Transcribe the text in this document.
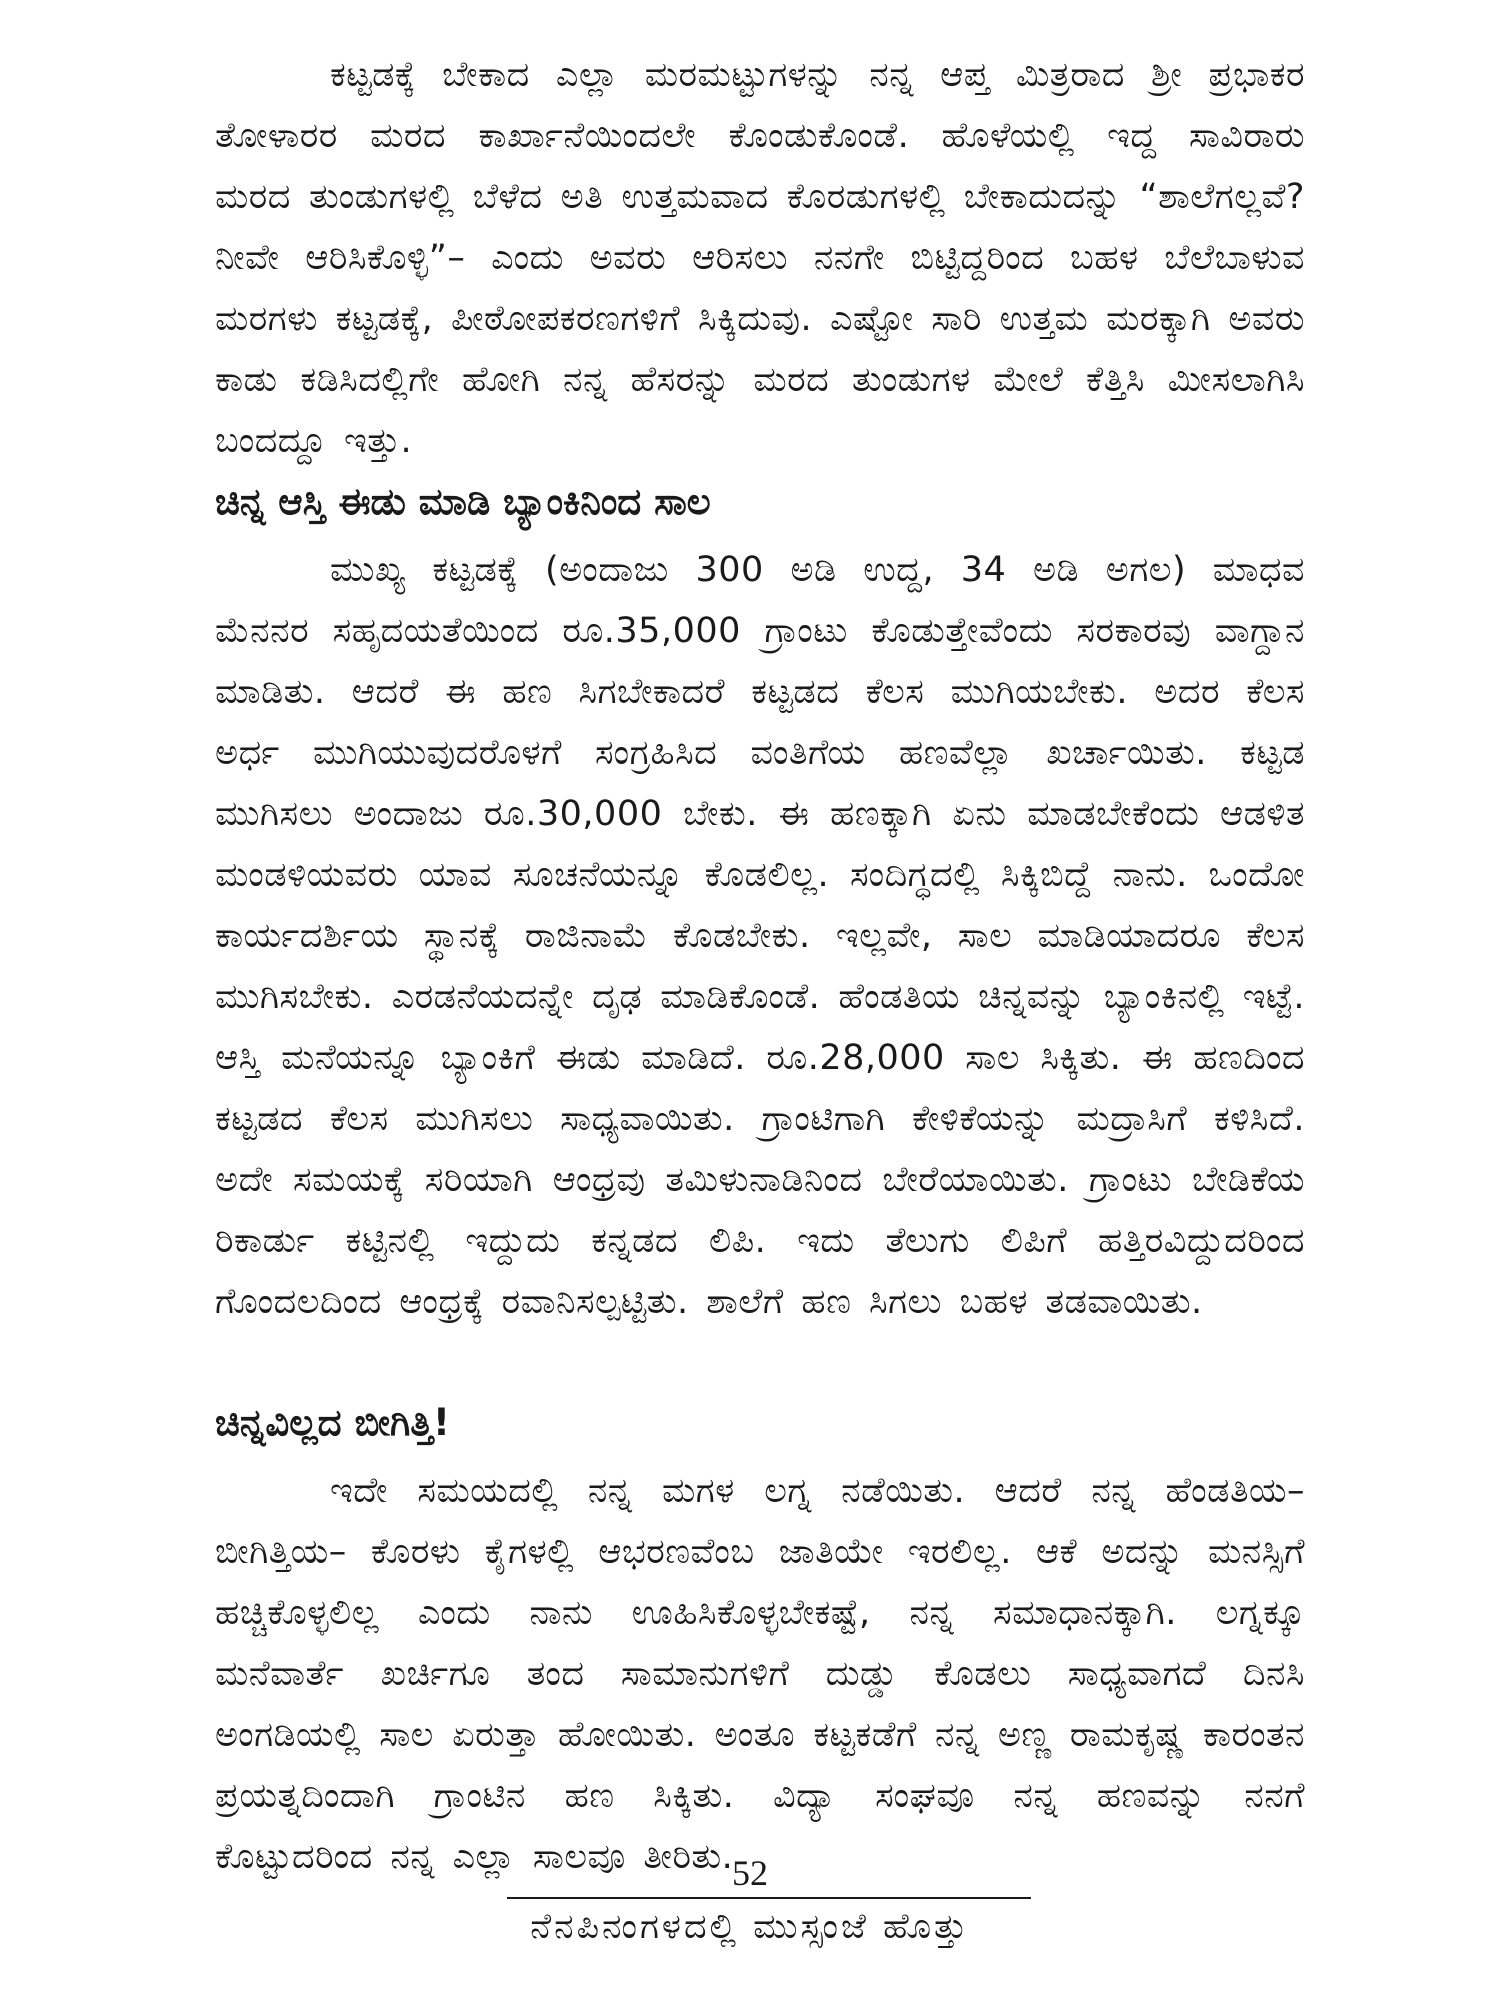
ಕಟ್ಟಡಕ್ಕೆ ಬೇಕಾದ ಎಲ್ಲಾ ಮರಮಟ್ಟುಗಳನ್ನು ನನ್ನ ಆಪ್ತ ಮಿತ್ರರಾದ ಶ್ರೀ ಪ್ರಭಾಕರ ತೋಳಾರರ ಮರದ ಕಾರ್ಖಾನೆಯಿಂದಲೇ ಕೊಂಡುಕೊಂಡೆ. ಹೊಳೆಯಲ್ಲಿ ಇದ್ದ ಸಾವಿರಾರು ಮರದ ತುಂಡುಗಳಲ್ಲಿ ಬೆಳೆದ ಅತಿ ಉತ್ತಮವಾದ ಕೊರಡುಗಳಲ್ಲಿ ಬೇಕಾದುದನ್ನು “ಶಾಲೆಗಲ್ಲವೆ? ನೀವೇ ಆರಿಸಿಕೊಳ್ಳಿ”– ಎಂದು ಅವರು ಆರಿಸಲು ನನಗೇ ಬಿಟ್ಟಿದ್ದರಿಂದ ಬಹಳ ಬೆಲೆಬಾಳುವ ಮರಗಳು ಕಟ್ಟಡಕ್ಕೆ, ಪೀಠೋಪಕರಣಗಳಿಗೆ ಸಿಕ್ಕಿದುವು. ಎಷ್ಟೋ ಸಾರಿ ಉತ್ತಮ ಮರಕ್ಕಾಗಿ ಅವರು ಕಾಡು ಕಡಿಸಿದಲ್ಲಿಗೇ ಹೋಗಿ ನನ್ನ ಹೆಸರನ್ನು ಮರದ ತುಂಡುಗಳ ಮೇಲೆ ಕೆತ್ತಿಸಿ ಮೀಸಲಾಗಿಸಿ ಬಂದದ್ದೂ ಇತ್ತು.

ಚಿನ್ನ ಆಸ್ತಿ ಈಡು ಮಾಡಿ ಬ್ಯಾಂಕಿನಿಂದ ಸಾಲ

ಮುಖ್ಯ ಕಟ್ಟಡಕ್ಕೆ (ಅಂದಾಜು 300 ಅಡಿ ಉದ್ದ, 34 ಅಡಿ ಅಗಲ) ಮಾಧವ ಮೆನನರ ಸಹೃದಯತೆಯಿಂದ ರೂ.35,000 ಗ್ರಾಂಟು ಕೊಡುತ್ತೇವೆಂದು ಸರಕಾರವು ವಾಗ್ದಾನ ಮಾಡಿತು. ಆದರೆ ಈ ಹಣ ಸಿಗಬೇಕಾದರೆ ಕಟ್ಟಡದ ಕೆಲಸ ಮುಗಿಯಬೇಕು. ಅದರ ಕೆಲಸ ಅರ್ಧ ಮುಗಿಯುವುದರೊಳಗೆ ಸಂಗ್ರಹಿಸಿದ ವಂತಿಗೆಯ ಹಣವೆಲ್ಲಾ ಖರ್ಚಾಯಿತು. ಕಟ್ಟಡ ಮುಗಿಸಲು ಅಂದಾಜು ರೂ.30,000 ಬೇಕು. ಈ ಹಣಕ್ಕಾಗಿ ಏನು ಮಾಡಬೇಕೆಂದು ಆಡಳಿತ ಮಂಡಳಿಯವರು ಯಾವ ಸೂಚನೆಯನ್ನೂ ಕೊಡಲಿಲ್ಲ. ಸಂದಿಗ್ಧದಲ್ಲಿ ಸಿಕ್ಕಿಬಿದ್ದೆ ನಾನು. ಒಂದೋ ಕಾರ್ಯದರ್ಶಿಯ ಸ್ಥಾನಕ್ಕೆ ರಾಜಿನಾಮೆ ಕೊಡಬೇಕು. ಇಲ್ಲವೇ, ಸಾಲ ಮಾಡಿಯಾದರೂ ಕೆಲಸ ಮುಗಿಸಬೇಕು. ಎರಡನೆಯದನ್ನೇ ದೃಢ ಮಾಡಿಕೊಂಡೆ. ಹೆಂಡತಿಯ ಚಿನ್ನವನ್ನು ಬ್ಯಾಂಕಿನಲ್ಲಿ ಇಟ್ಟೆ. ಆಸ್ತಿ ಮನೆಯನ್ನೂ ಬ್ಯಾಂಕಿಗೆ ಈಡು ಮಾಡಿದೆ. ರೂ.28,000 ಸಾಲ ಸಿಕ್ಕಿತು. ಈ ಹಣದಿಂದ ಕಟ್ಟಡದ ಕೆಲಸ ಮುಗಿಸಲು ಸಾಧ್ಯವಾಯಿತು. ಗ್ರಾಂಟಿಗಾಗಿ ಕೇಳಿಕೆಯನ್ನು ಮದ್ರಾಸಿಗೆ ಕಳಿಸಿದೆ. ಅದೇ ಸಮಯಕ್ಕೆ ಸರಿಯಾಗಿ ಆಂಧ್ರವು ತಮಿಳುನಾಡಿನಿಂದ ಬೇರೆಯಾಯಿತು. ಗ್ರಾಂಟು ಬೇಡಿಕೆಯ ರಿಕಾರ್ಡು ಕಟ್ಟಿನಲ್ಲಿ ಇದ್ದುದು ಕನ್ನಡದ ಲಿಪಿ. ಇದು ತೆಲುಗು ಲಿಪಿಗೆ ಹತ್ತಿರವಿದ್ದುದರಿಂದ ಗೊಂದಲದಿಂದ ಆಂಧ್ರಕ್ಕೆ ರವಾನಿಸಲ್ಪಟ್ಟಿತು. ಶಾಲೆಗೆ ಹಣ ಸಿಗಲು ಬಹಳ ತಡವಾಯಿತು.

ಚಿನ್ನವಿಲ್ಲದ ಬೀಗಿತ್ತಿ!

ಇದೇ ಸಮಯದಲ್ಲಿ ನನ್ನ ಮಗಳ ಲಗ್ನ ನಡೆಯಿತು. ಆದರೆ ನನ್ನ ಹೆಂಡತಿಯ– ಬೀಗಿತ್ತಿಯ– ಕೊರಳು ಕೈಗಳಲ್ಲಿ ಆಭರಣವೆಂಬ ಜಾತಿಯೇ ಇರಲಿಲ್ಲ. ಆಕೆ ಅದನ್ನು ಮನಸ್ಸಿಗೆ ಹಚ್ಚಿಕೊಳ್ಳಲಿಲ್ಲ ಎಂದು ನಾನು ಊಹಿಸಿಕೊಳ್ಳಬೇಕಷ್ಟೆ, ನನ್ನ ಸಮಾಧಾನಕ್ಕಾಗಿ. ಲಗ್ನಕ್ಕೂ ಮನೆವಾರ್ತೆ ಖರ್ಚಿಗೂ ತಂದ ಸಾಮಾನುಗಳಿಗೆ ದುಡ್ಡು ಕೊಡಲು ಸಾಧ್ಯವಾಗದೆ ದಿನಸಿ ಅಂಗಡಿಯಲ್ಲಿ ಸಾಲ ಏರುತ್ತಾ ಹೋಯಿತು. ಅಂತೂ ಕಟ್ಟಕಡೆಗೆ ನನ್ನ ಅಣ್ಣ ರಾಮಕೃಷ್ಣ ಕಾರಂತನ ಪ್ರಯತ್ನದಿಂದಾಗಿ ಗ್ರಾಂಟಿನ ಹಣ ಸಿಕ್ಕಿತು. ವಿದ್ಯಾ ಸಂಘವೂ ನನ್ನ ಹಣವನ್ನು ನನಗೆ ಕೊಟ್ಟುದರಿಂದ ನನ್ನ ಎಲ್ಲಾ ಸಾಲವೂ ತೀರಿತು.

52
ನೆನಪಿನಂಗಳದಲ್ಲಿ ಮುಸ್ಸಂಜೆ ಹೊತ್ತು
